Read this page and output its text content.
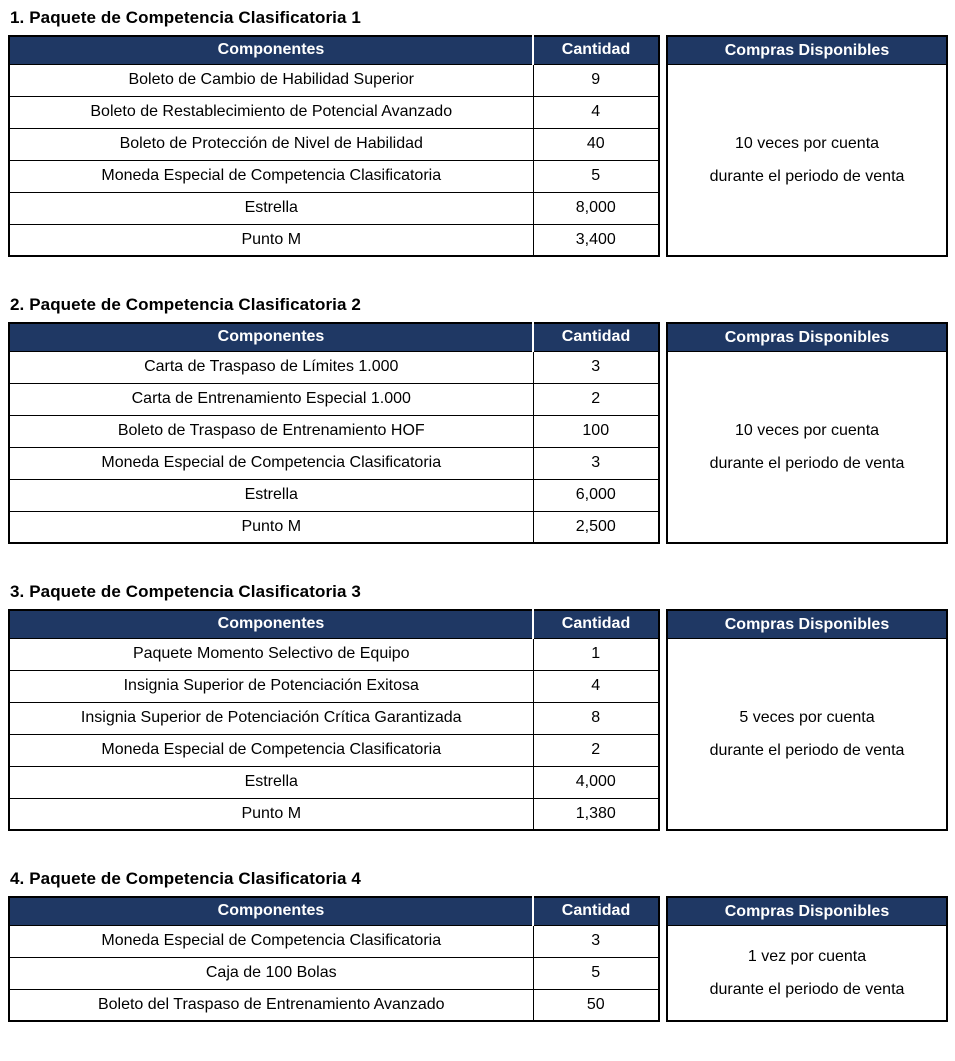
1. Paquete de Competencia Clasificatoria 1
Componentes	Cantidad
Boleto de Cambio de Habilidad Superior	9
Boleto de Restablecimiento de Potencial Avanzado	4
Boleto de Protección de Nivel de Habilidad	40
Moneda Especial de Competencia Clasificatoria	5
Estrella	8,000
Punto M	3,400
Compras Disponibles
10 veces por cuenta
durante el periodo de venta
2. Paquete de Competencia Clasificatoria 2
Componentes	Cantidad
Carta de Traspaso de Límites 1.000	3
Carta de Entrenamiento Especial 1.000	2
Boleto de Traspaso de Entrenamiento HOF	100
Moneda Especial de Competencia Clasificatoria	3
Estrella	6,000
Punto M	2,500
Compras Disponibles
10 veces por cuenta
durante el periodo de venta
3. Paquete de Competencia Clasificatoria 3
Componentes	Cantidad
Paquete Momento Selectivo de Equipo	1
Insignia Superior de Potenciación Exitosa	4
Insignia Superior de Potenciación Crítica Garantizada	8
Moneda Especial de Competencia Clasificatoria	2
Estrella	4,000
Punto M	1,380
Compras Disponibles
5 veces por cuenta
durante el periodo de venta
4. Paquete de Competencia Clasificatoria 4
Componentes	Cantidad
Moneda Especial de Competencia Clasificatoria	3
Caja de 100 Bolas	5
Boleto del Traspaso de Entrenamiento Avanzado	50
Compras Disponibles
1 vez por cuenta
durante el periodo de venta
